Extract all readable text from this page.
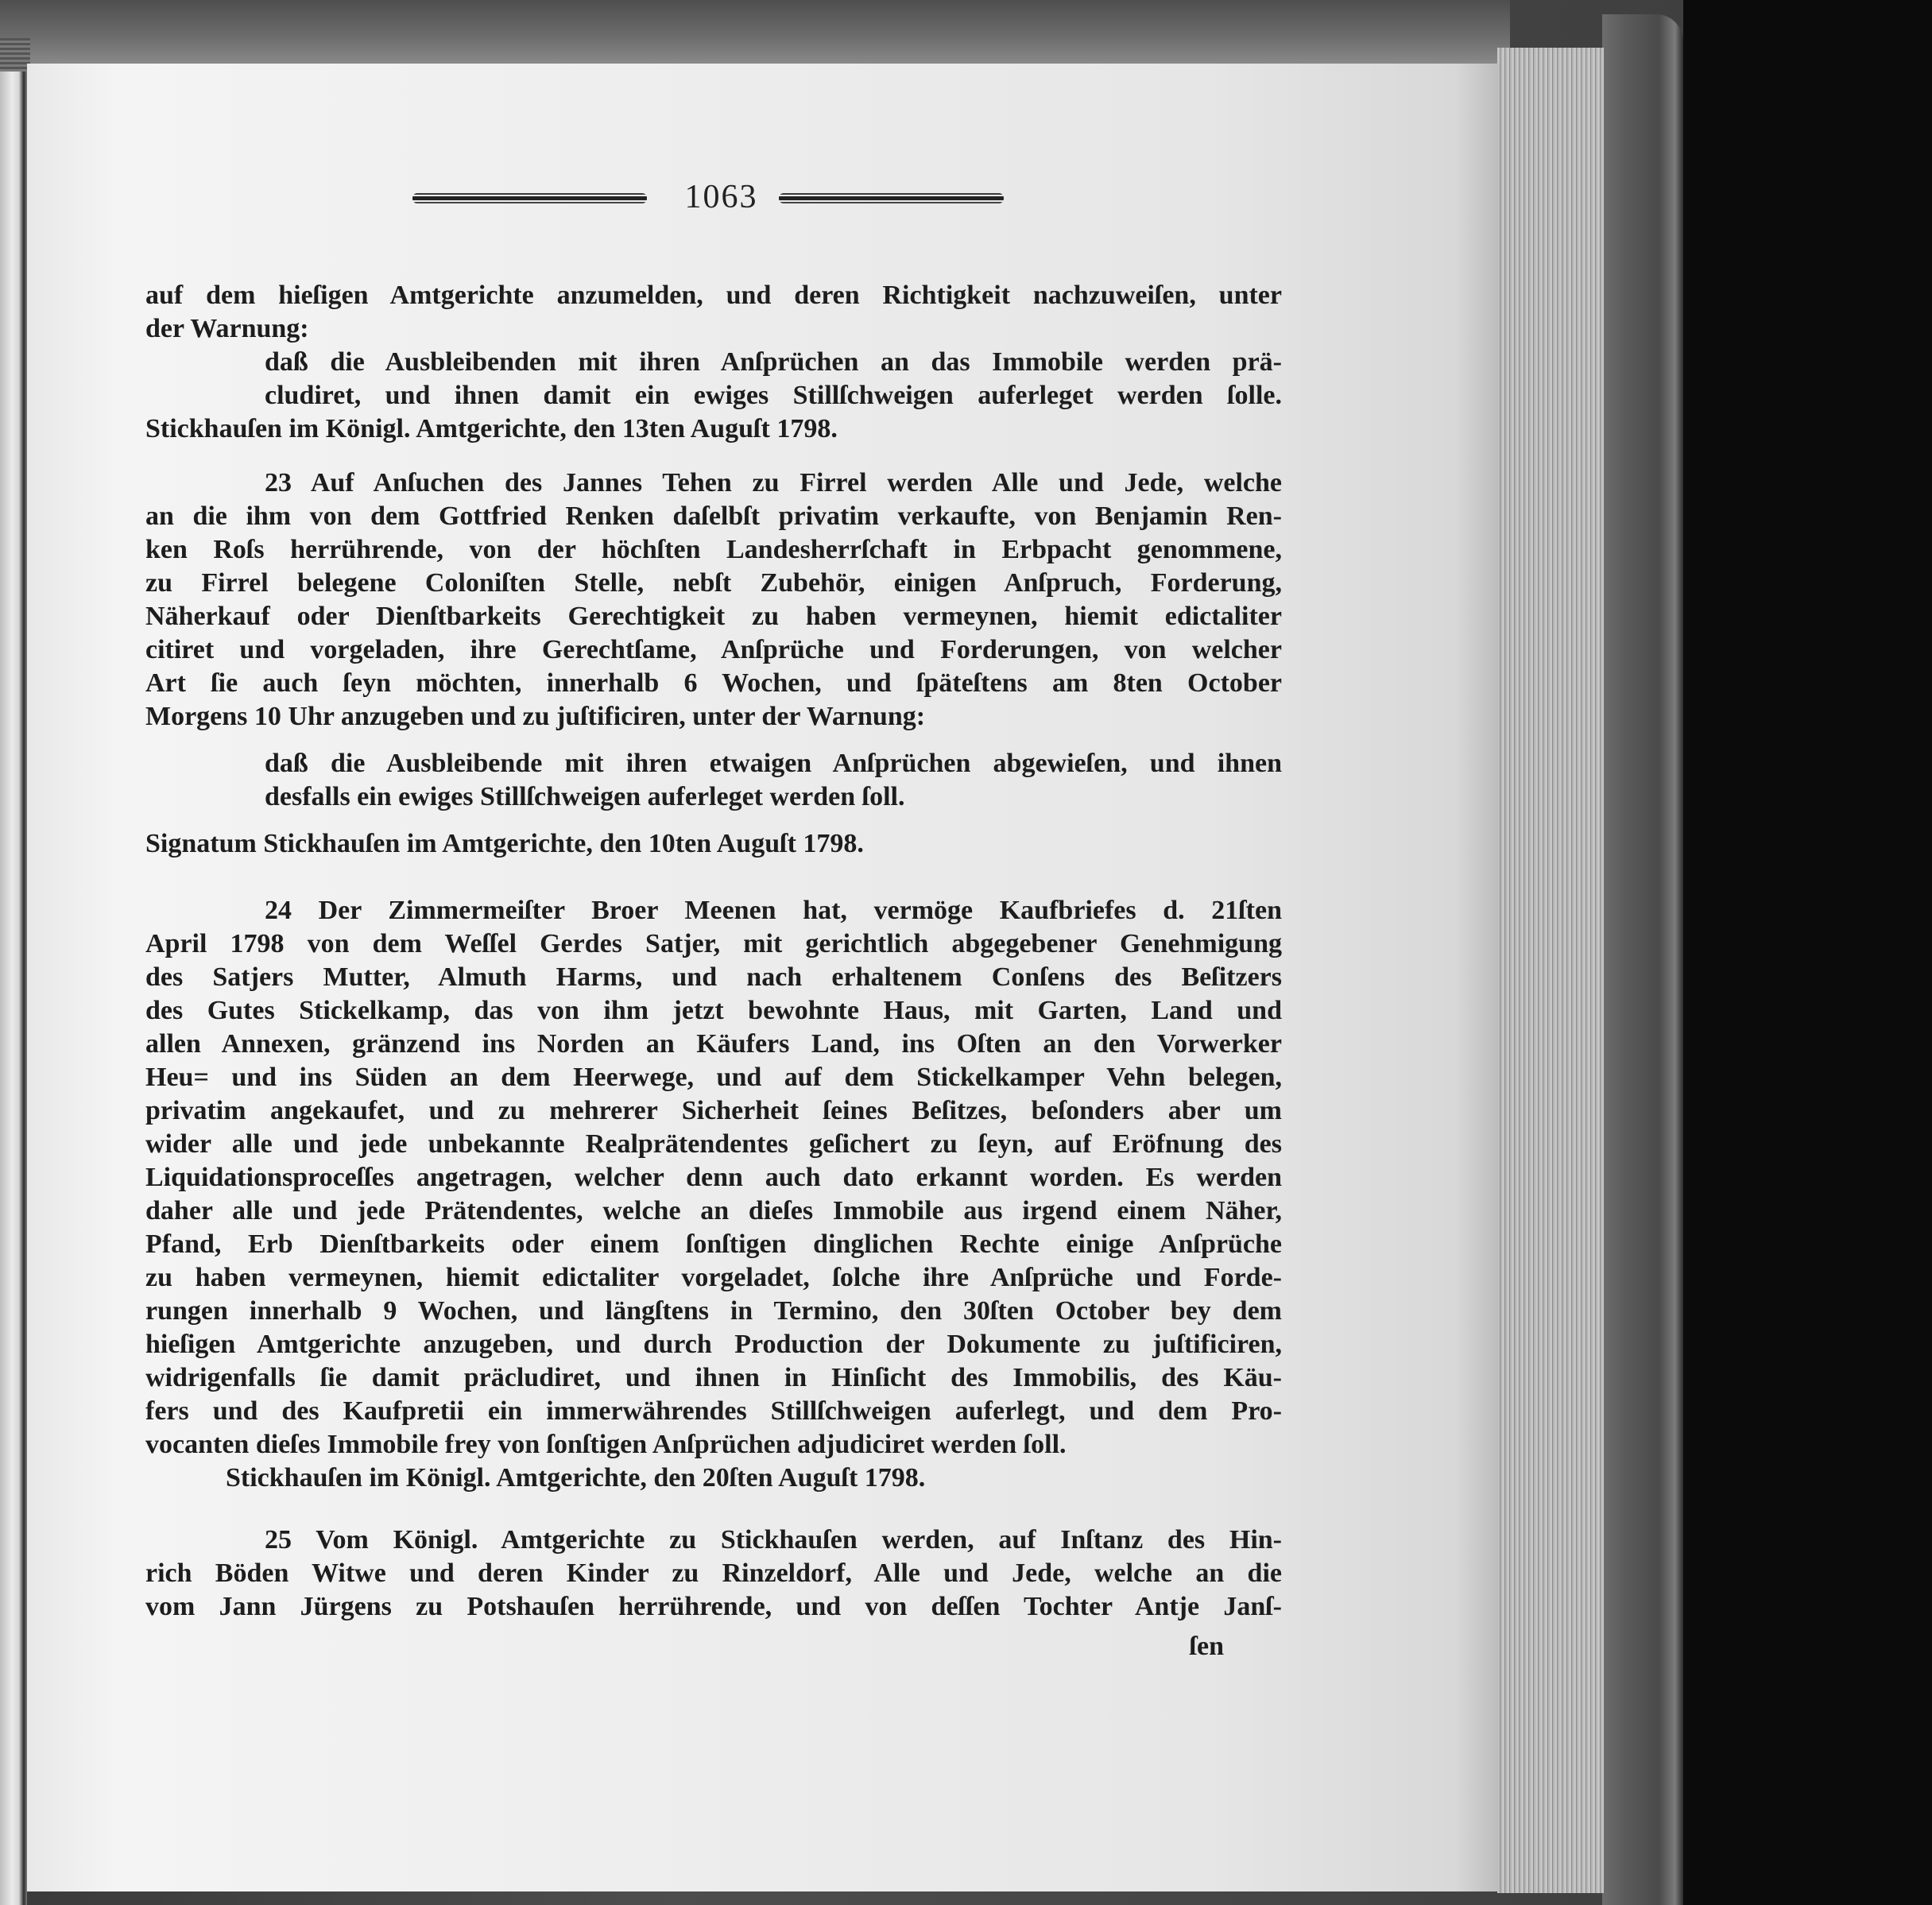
1063
auf dem hieſigen Amtgerichte anzumelden, und deren Richtigkeit nachzuweiſen, unter
der Warnung:
daß die Ausbleibenden mit ihren Anſprüchen an das Immobile werden prä-
cludiret, und ihnen damit ein ewiges Stillſchweigen auferleget werden ſolle.
Stickhauſen im Königl. Amtgerichte, den 13ten Auguſt 1798.
23 Auf Anſuchen des Jannes Tehen zu Firrel werden Alle und Jede, welche
an die ihm von dem Gottfried Renken daſelbſt privatim verkaufte, von Benjamin Ren-
ken Roſs herrührende, von der höchſten Landesherrſchaft in Erbpacht genommene,
zu Firrel belegene Coloniſten Stelle, nebſt Zubehör, einigen Anſpruch, Forderung,
Näherkauf oder Dienſtbarkeits Gerechtigkeit zu haben vermeynen, hiemit edictaliter
citiret und vorgeladen, ihre Gerechtſame, Anſprüche und Forderungen, von welcher
Art ſie auch ſeyn möchten, innerhalb 6 Wochen, und ſpäteſtens am 8ten October
Morgens 10 Uhr anzugeben und zu juſtificiren, unter der Warnung:
daß die Ausbleibende mit ihren etwaigen Anſprüchen abgewieſen, und ihnen
desfalls ein ewiges Stillſchweigen auferleget werden ſoll.
Signatum Stickhauſen im Amtgerichte, den 10ten Auguſt 1798.
24 Der Zimmermeiſter Broer Meenen hat, vermöge Kaufbriefes d. 21ſten
April 1798 von dem Weſſel Gerdes Satjer, mit gerichtlich abgegebener Genehmigung
des Satjers Mutter, Almuth Harms, und nach erhaltenem Conſens des Beſitzers
des Gutes Stickelkamp, das von ihm jetzt bewohnte Haus, mit Garten, Land und
allen Annexen, gränzend ins Norden an Käufers Land, ins Oſten an den Vorwerker
Heu= und ins Süden an dem Heerwege, und auf dem Stickelkamper Vehn belegen,
privatim angekaufet, und zu mehrerer Sicherheit ſeines Beſitzes, beſonders aber um
wider alle und jede unbekannte Realprätendentes geſichert zu ſeyn, auf Eröfnung des
Liquidationsproceſſes angetragen, welcher denn auch dato erkannt worden. Es werden
daher alle und jede Prätendentes, welche an dieſes Immobile aus irgend einem Näher,
Pfand, Erb Dienſtbarkeits oder einem ſonſtigen dinglichen Rechte einige Anſprüche
zu haben vermeynen, hiemit edictaliter vorgeladet, ſolche ihre Anſprüche und Forde-
rungen innerhalb 9 Wochen, und längſtens in Termino, den 30ſten October bey dem
hieſigen Amtgerichte anzugeben, und durch Production der Dokumente zu juſtificiren,
widrigenfalls ſie damit präcludiret, und ihnen in Hinſicht des Immobilis, des Käu-
fers und des Kaufpretii ein immerwährendes Stillſchweigen auferlegt, und dem Pro-
vocanten dieſes Immobile frey von ſonſtigen Anſprüchen adjudiciret werden ſoll.
Stickhauſen im Königl. Amtgerichte, den 20ſten Auguſt 1798.
25 Vom Königl. Amtgerichte zu Stickhauſen werden, auf Inſtanz des Hin-
rich Böden Witwe und deren Kinder zu Rinzeldorf, Alle und Jede, welche an die
vom Jann Jürgens zu Potshauſen herrührende, und von deſſen Tochter Antje Janſ-
ſen
